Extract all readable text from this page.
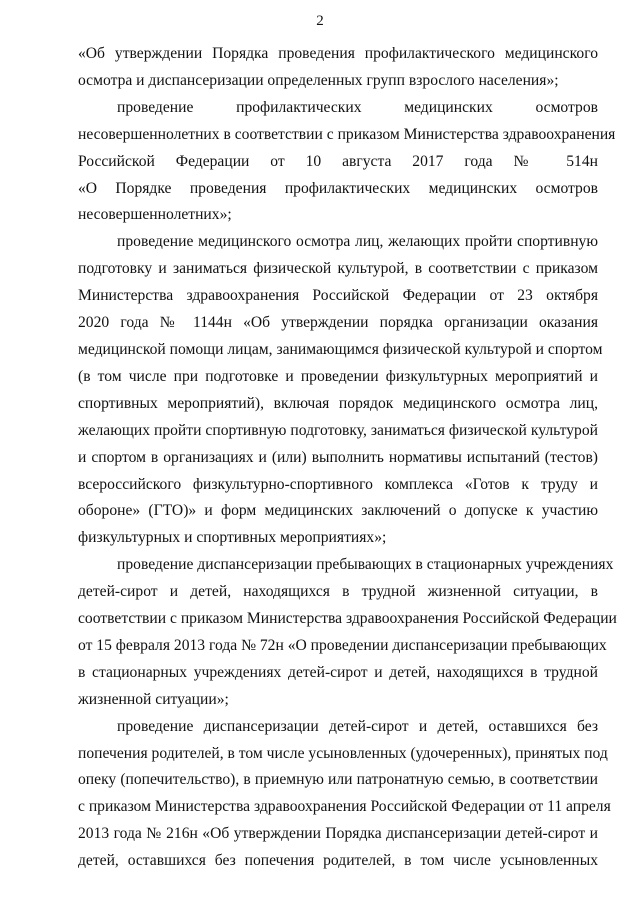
2

«Об утверждении Порядка проведения профилактического медицинского
осмотра и диспансеризации определенных групп взрослого населения»;

проведение профилактических медицинских осмотров
несовершеннолетних в соответствии с приказом Министерства здравоохранения
Российской Федерации от 10 августа 2017 года № 514н
«О Порядке проведения профилактических медицинских осмотров
несовершеннолетних»;

проведение медицинского осмотра лиц, желающих пройти спортивную
подготовку и заниматься физической культурой, в соответствии с приказом
Министерства здравоохранения Российской Федерации от 23 октября
2020 года № 1144н «Об утверждении порядка организации оказания
медицинской помощи лицам, занимающимся физической культурой и спортом
(в том числе при подготовке и проведении физкультурных мероприятий и
спортивных мероприятий), включая порядок медицинского осмотра лиц,
желающих пройти спортивную подготовку, заниматься физической культурой
и спортом в организациях и (или) выполнить нормативы испытаний (тестов)
всероссийского физкультурно-спортивного комплекса «Готов к труду и
обороне» (ГТО)» и форм медицинских заключений о допуске к участию
физкультурных и спортивных мероприятиях»;

проведение диспансеризации пребывающих в стационарных учреждениях
детей-сирот и детей, находящихся в трудной жизненной ситуации, в
соответствии с приказом Министерства здравоохранения Российской Федерации
от 15 февраля 2013 года № 72н «О проведении диспансеризации пребывающих
в стационарных учреждениях детей-сирот и детей, находящихся в трудной
жизненной ситуации»;

проведение диспансеризации детей-сирот и детей, оставшихся без
попечения родителей, в том числе усыновленных (удочеренных), принятых под
опеку (попечительство), в приемную или патронатную семью, в соответствии
с приказом Министерства здравоохранения Российской Федерации от 11 апреля
2013 года № 216н «Об утверждении Порядка диспансеризации детей-сирот и
детей, оставшихся без попечения родителей, в том числе усыновленных
